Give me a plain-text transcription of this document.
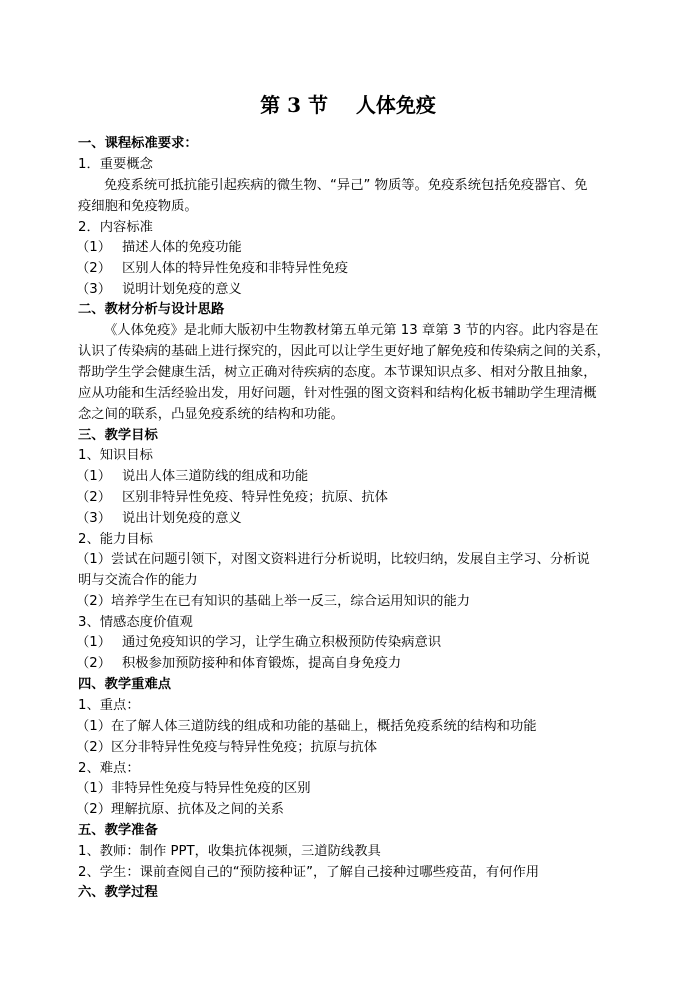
第 3 节    人体免疫
一、课程标准要求：
1．重要概念
免疫系统可抵抗能引起疾病的微生物、“异己” 物质等。免疫系统包括免疫器官、免
疫细胞和免疫物质。
2．内容标准
（1） 描述人体的免疫功能
（2） 区别人体的特异性免疫和非特异性免疫
（3） 说明计划免疫的意义
二、教材分析与设计思路
《人体免疫》是北师大版初中生物教材第五单元第 13 章第 3 节的内容。此内容是在
认识了传染病的基础上进行探究的，因此可以让学生更好地了解免疫和传染病之间的关系，
帮助学生学会健康生活，树立正确对待疾病的态度。本节课知识点多、相对分散且抽象，
应从功能和生活经验出发，用好问题，针对性强的图文资料和结构化板书辅助学生理清概
念之间的联系，凸显免疫系统的结构和功能。
三、教学目标
1、知识目标
（1） 说出人体三道防线的组成和功能
（2） 区别非特异性免疫、特异性免疫；抗原、抗体
（3） 说出计划免疫的意义
2、能力目标
（1）尝试在问题引领下，对图文资料进行分析说明，比较归纳，发展自主学习、分析说
明与交流合作的能力
（2）培养学生在已有知识的基础上举一反三，综合运用知识的能力
3、情感态度价值观
（1） 通过免疫知识的学习，让学生确立积极预防传染病意识
（2） 积极参加预防接种和体育锻炼，提高自身免疫力
四、教学重难点
1、重点：
（1）在了解人体三道防线的组成和功能的基础上，概括免疫系统的结构和功能
（2）区分非特异性免疫与特异性免疫；抗原与抗体
2、难点：
（1）非特异性免疫与特异性免疫的区别
（2）理解抗原、抗体及之间的关系
五、教学准备
1、教师：制作 PPT，收集抗体视频，三道防线教具
2、学生：课前查阅自己的“预防接种证”，了解自己接种过哪些疫苗，有何作用
六、教学过程
